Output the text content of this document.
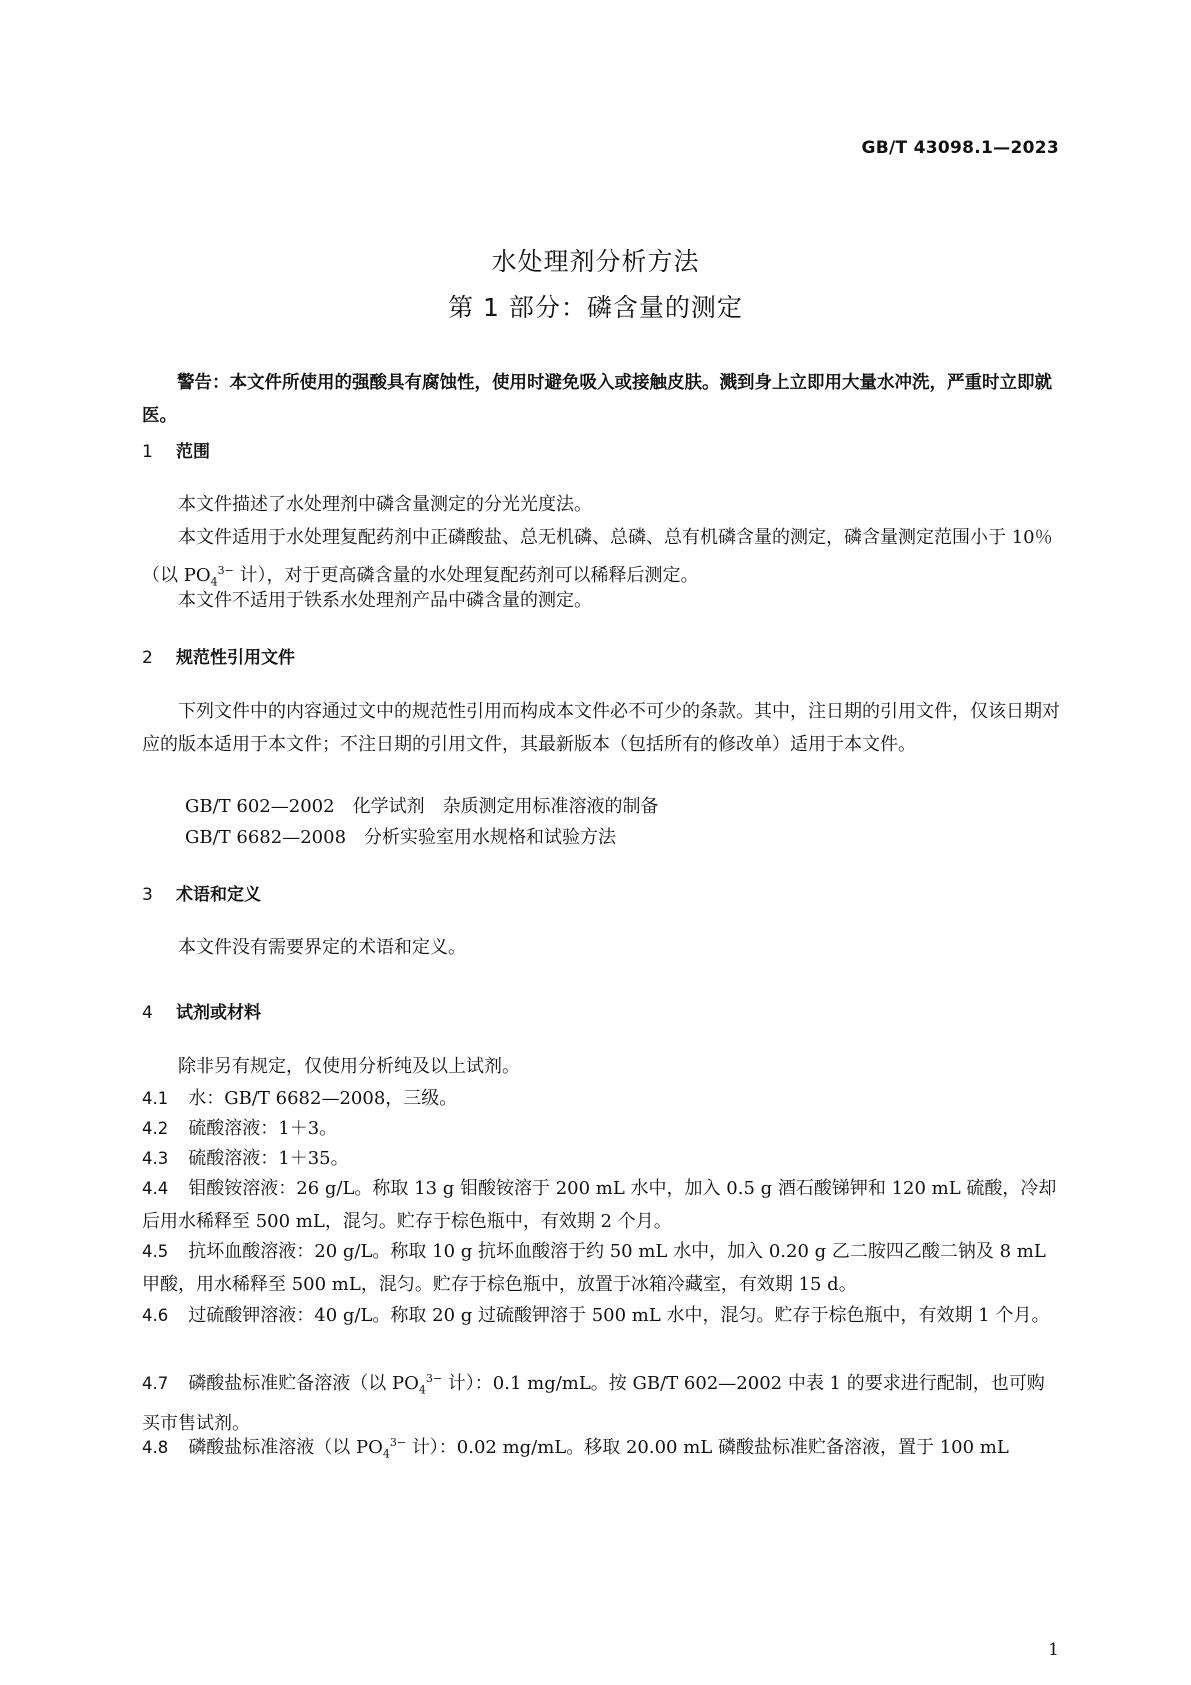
GB/T 43098.1—2023
水处理剂分析方法
第 1 部分：磷含量的测定
警告：本文件所使用的强酸具有腐蚀性，使用时避免吸入或接触皮肤。溅到身上立即用大量水冲洗，严重时立即就医。
1 范围
本文件描述了水处理剂中磷含量测定的分光光度法。
本文件适用于水处理复配药剂中正磷酸盐、总无机磷、总磷、总有机磷含量的测定，磷含量测定范围小于 10％（以 $PO_4^{3-}$ 计），对于更高磷含量的水处理复配药剂可以稀释后测定。
本文件不适用于铁系水处理剂产品中磷含量的测定。
2 规范性引用文件
下列文件中的内容通过文中的规范性引用而构成本文件必不可少的条款。其中，注日期的引用文件，仅该日期对应的版本适用于本文件；不注日期的引用文件，其最新版本（包括所有的修改单）适用于本文件。
GB/T 602—2002　化学试剂　杂质测定用标准溶液的制备
GB/T 6682—2008　分析实验室用水规格和试验方法
3 术语和定义
本文件没有需要界定的术语和定义。
4 试剂或材料
除非另有规定，仅使用分析纯及以上试剂。
4.1 水：GB/T 6682—2008，三级。
4.2 硫酸溶液：1＋3。
4.3 硫酸溶液：1＋35。
4.4 钼酸铵溶液：26 g/L。称取 13 g 钼酸铵溶于 200 mL 水中，加入 0.5 g 酒石酸锑钾和 120 mL 硫酸，冷却后用水稀释至 500 mL，混匀。贮存于棕色瓶中，有效期 2 个月。
4.5 抗坏血酸溶液：20 g/L。称取 10 g 抗坏血酸溶于约 50 mL 水中，加入 0.20 g 乙二胺四乙酸二钠及 8 mL 甲酸，用水稀释至 500 mL，混匀。贮存于棕色瓶中，放置于冰箱冷藏室，有效期 15 d。
4.6 过硫酸钾溶液：40 g/L。称取 20 g 过硫酸钾溶于 500 mL 水中，混匀。贮存于棕色瓶中，有效期 1 个月。
4.7 磷酸盐标准贮备溶液（以 $PO_4^{3-}$ 计）：0.1 mg/mL。按 GB/T 602—2002 中表 1 的要求进行配制，也可购买市售试剂。
4.8 磷酸盐标准溶液（以 $PO_4^{3-}$ 计）：0.02 mg/mL。移取 20.00 mL 磷酸盐标准贮备溶液，置于 100 mL
1
